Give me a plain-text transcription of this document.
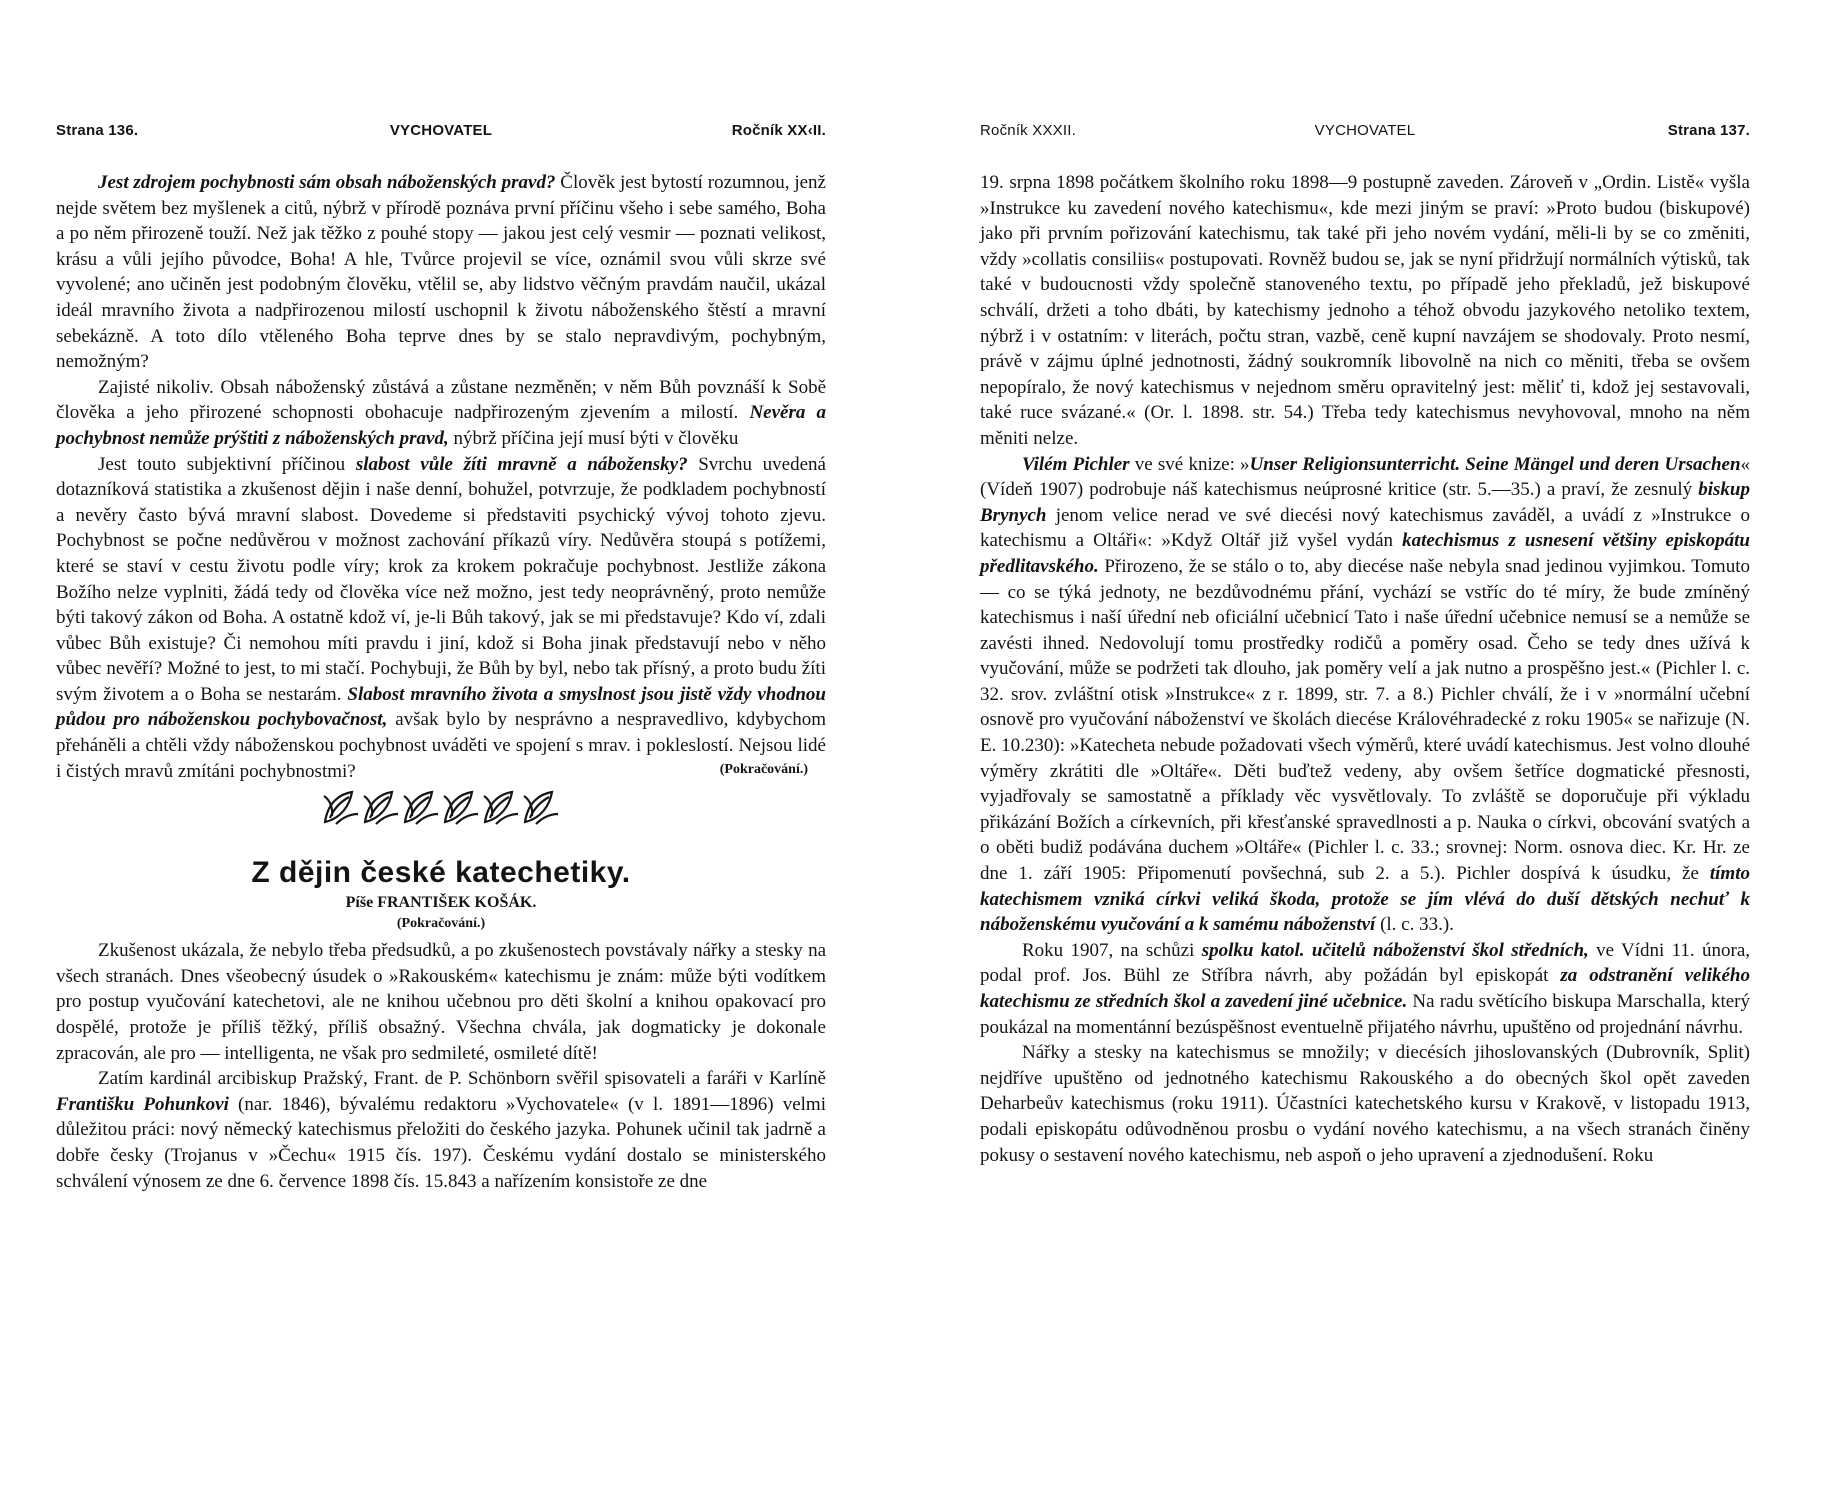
Strana 136.	VYCHOVATEL	Ročník XX‹II.

Jest zdrojem pochybnosti sám obsah náboženských pravd? Člověk jest bytostí rozumnou, jenž nejde světem bez myšlenek a citů, nýbrž v přírodě poznáva první příčinu všeho i sebe samého, Boha a po něm přirozeně touží. Než jak těžko z pouhé stopy — jakou jest celý vesmir — poznati velikost, krásu a vůli jejího původce, Boha! A hle, Tvůrce projevil se více, oznámil svou vůli skrze své vyvolené; ano učiněn jest podobným člověku, vtělil se, aby lidstvo věčným pravdám naučil, ukázal ideál mravního života a nadpřirozenou milostí uschopnil k životu náboženského štěstí a mravní sebekázně. A toto dílo vtěleného Boha teprve dnes by se stalo nepravdivým, pochybným, nemožným?

Zajisté nikoliv. Obsah náboženský zůstává a zůstane nezměněn; v něm Bůh povznáší k Sobě člověka a jeho přirozené schopnosti obohacuje nadpřirozeným zjevením a milostí. Nevěra a pochybnost nemůže prýštiti z náboženských pravd, nýbrž příčina její musí býti v člověku

Jest touto subjektivní příčinou slabost vůle žíti mravně a nábožensky? Svrchu uvedená dotazníková statistika a zkušenost dějin i naše denní, bohužel, potvrzuje, že podkladem pochybností a nevěry často bývá mravní slabost. Dovedeme si představiti psychický vývoj tohoto zjevu. Pochybnost se počne nedůvěrou v možnost zachování příkazů víry. Nedůvěra stoupá s potížemi, které se staví v cestu životu podle víry; krok za krokem pokračuje pochybnost. Jestliže zákona Božího nelze vyplniti, žádá tedy od člověka více než možno, jest tedy neoprávněný, proto nemůže býti takový zákon od Boha. A ostatně kdož ví, je-li Bůh takový, jak se mi představuje? Kdo ví, zdali vůbec Bůh existuje? Či nemohou míti pravdu i jiní, kdož si Boha jinak představují nebo v něho vůbec nevěří? Možné to jest, to mi stačí. Pochybuji, že Bůh by byl, nebo tak přísný, a proto budu žíti svým životem a o Boha se nestarám. Slabost mravního života a smyslnost jsou jistě vždy vhodnou půdou pro náboženskou pochybovačnost, avšak bylo by nesprávno a nespravedlivo, kdybychom přeháněli a chtěli vždy náboženskou pochybnost uváděti ve spojení s mrav. i pokleslostí. Nejsou lidé i čistých mravů zmítáni pochybnostmi?	(Pokračování.)
Z dějin české katechetiky.
Píše FRANTIŠEK KOŠÁK.
(Pokračování.)

Zkušenost ukázala, že nebylo třeba předsudků, a po zkušenostech povstávaly nářky a stesky na všech stranách. Dnes všeobecný úsudek o »Rakouském« katechismu je znám: může býti vodítkem pro postup vyučování katechetovi, ale ne knihou učebnou pro děti školní a knihou opakovací pro dospělé, protože je příliš těžký, příliš obsažný. Všechna chvála, jak dogmaticky je dokonale zpracován, ale pro — intelligenta, ne však pro sedmileté, osmileté dítě!

Zatím kardinál arcibiskup Pražský, Frant. de P. Schönborn svěřil spisovateli a faráři v Karlíně Františku Pohunkovi (nar. 1846), bývalému redaktoru »Vychovatele« (v l. 1891—1896) velmi důležitou práci: nový německý katechismus přeložiti do českého jazyka. Pohunek učinil tak jadrně a dobře česky (Trojanus v »Čechu« 1915 čís. 197). Českému vydání dostalo se ministerského schválení výnosem ze dne 6. července 1898 čís. 15.843 a nařízením konsistoře ze dne

Ročník XXXII.	VYCHOVATEL	Strana 137.

19. srpna 1898 počátkem školního roku 1898—9 postupně zaveden. Zároveň v „Ordin. Listě« vyšla »Instrukce ku zavedení nového katechismu«, kde mezi jiným se praví: »Proto budou (biskupové) jako při prvním pořizování katechismu, tak také při jeho novém vydání, měli-li by se co změniti, vždy »collatis consiliis« postupovati. Rovněž budou se, jak se nyní přidržují normálních výtisků, tak také v budoucnosti vždy společně stanoveného textu, po případě jeho překladů, jež biskupové schválí, držeti a toho dbáti, by katechismy jednoho a téhož obvodu jazykového netoliko textem, nýbrž i v ostatním: v literách, počtu stran, vazbě, ceně kupní navzájem se shodovaly. Proto nesmí, právě v zájmu úplné jednotnosti, žádný soukromník libovolně na nich co měniti, třeba se ovšem nepopíralo, že nový katechismus v nejednom směru opravitelný jest: měliť ti, kdož jej sestavovali, také ruce svázané.« (Or. l. 1898. str. 54.) Třeba tedy katechismus nevyhovoval, mnoho na něm měniti nelze.

Vilém Pichler ve své knize: »Unser Religionsunterricht. Seine Mängel und deren Ursachen« (Vídeň 1907) podrobuje náš katechismus neúprosné kritice (str. 5.—35.) a praví, že zesnulý biskup Brynych jenom velice nerad ve své diecési nový katechismus zaváděl, a uvádí z »Instrukce o katechismu a Oltáři«: »Když Oltář již vyšel vydán katechismus z usnesení většiny episkopátu předlitavského. Přirozeno, že se stálo o to, aby diecése naše nebyla snad jedinou vyjimkou. Tomuto — co se týká jednoty, ne bezdůvodnému přání, vychází se vstříc do té míry, že bude zmíněný katechismus i naší úřední neb oficiální učebnicí Tato i naše úřední učebnice nemusí se a nemůže se zavésti ihned. Nedovolují tomu prostředky rodičů a poměry osad. Čeho se tedy dnes užívá k vyučování, může se podržeti tak dlouho, jak poměry velí a jak nutno a prospěšno jest.« (Pichler l. c. 32. srov. zvláštní otisk »Instrukce« z r. 1899, str. 7. a 8.) Pichler chválí, že i v »normální učební osnově pro vyučování náboženství ve školách diecése Královéhradecké z roku 1905« se nařizuje (N. E. 10.230): »Katecheta nebude požadovati všech výměrů, které uvádí katechismus. Jest volno dlouhé výměry zkrátiti dle »Oltáře«. Děti buďtež vedeny, aby ovšem šetříce dogmatické přesnosti, vyjadřovaly se samostatně a příklady věc vysvětlovaly. To zvláště se doporučuje při výkladu přikázání Božích a církevních, při křesťanské spravedlnosti a p. Nauka o církvi, obcování svatých a o oběti budiž podávána duchem »Oltáře« (Pichler l. c. 33.; srovnej: Norm. osnova diec. Kr. Hr. ze dne 1. září 1905: Připomenutí povšechná, sub 2. a 5.). Pichler dospívá k úsudku, že tímto katechismem vzniká církvi veliká škoda, protože se jím vlévá do duší dětských nechuť k náboženskému vyučování a k samému náboženství (l. c. 33.).

Roku 1907, na schůzi spolku katol. učitelů náboženství škol středních, ve Vídni 11. února, podal prof. Jos. Bühl ze Stříbra návrh, aby požádán byl episkopát za odstranění velikého katechismu ze středních škol a zavedení jiné učebnice. Na radu světícího biskupa Marschalla, který poukázal na momentánní bezúspěšnost eventuelně přijatého návrhu, upuštěno od projednání návrhu.

Nářky a stesky na katechismus se množily; v diecésích jihoslovanských (Dubrovník, Split) nejdříve upuštěno od jednotného katechismu Rakouského a do obecných škol opět zaveden Deharbeův katechismus (roku 1911). Účastníci katechetského kursu v Krakově, v listopadu 1913, podali episkopátu odůvodněnou prosbu o vydání nového katechismu, a na všech stranách činěny pokusy o sestavení nového katechismu, neb aspoň o jeho upravení a zjednodušení. Roku
